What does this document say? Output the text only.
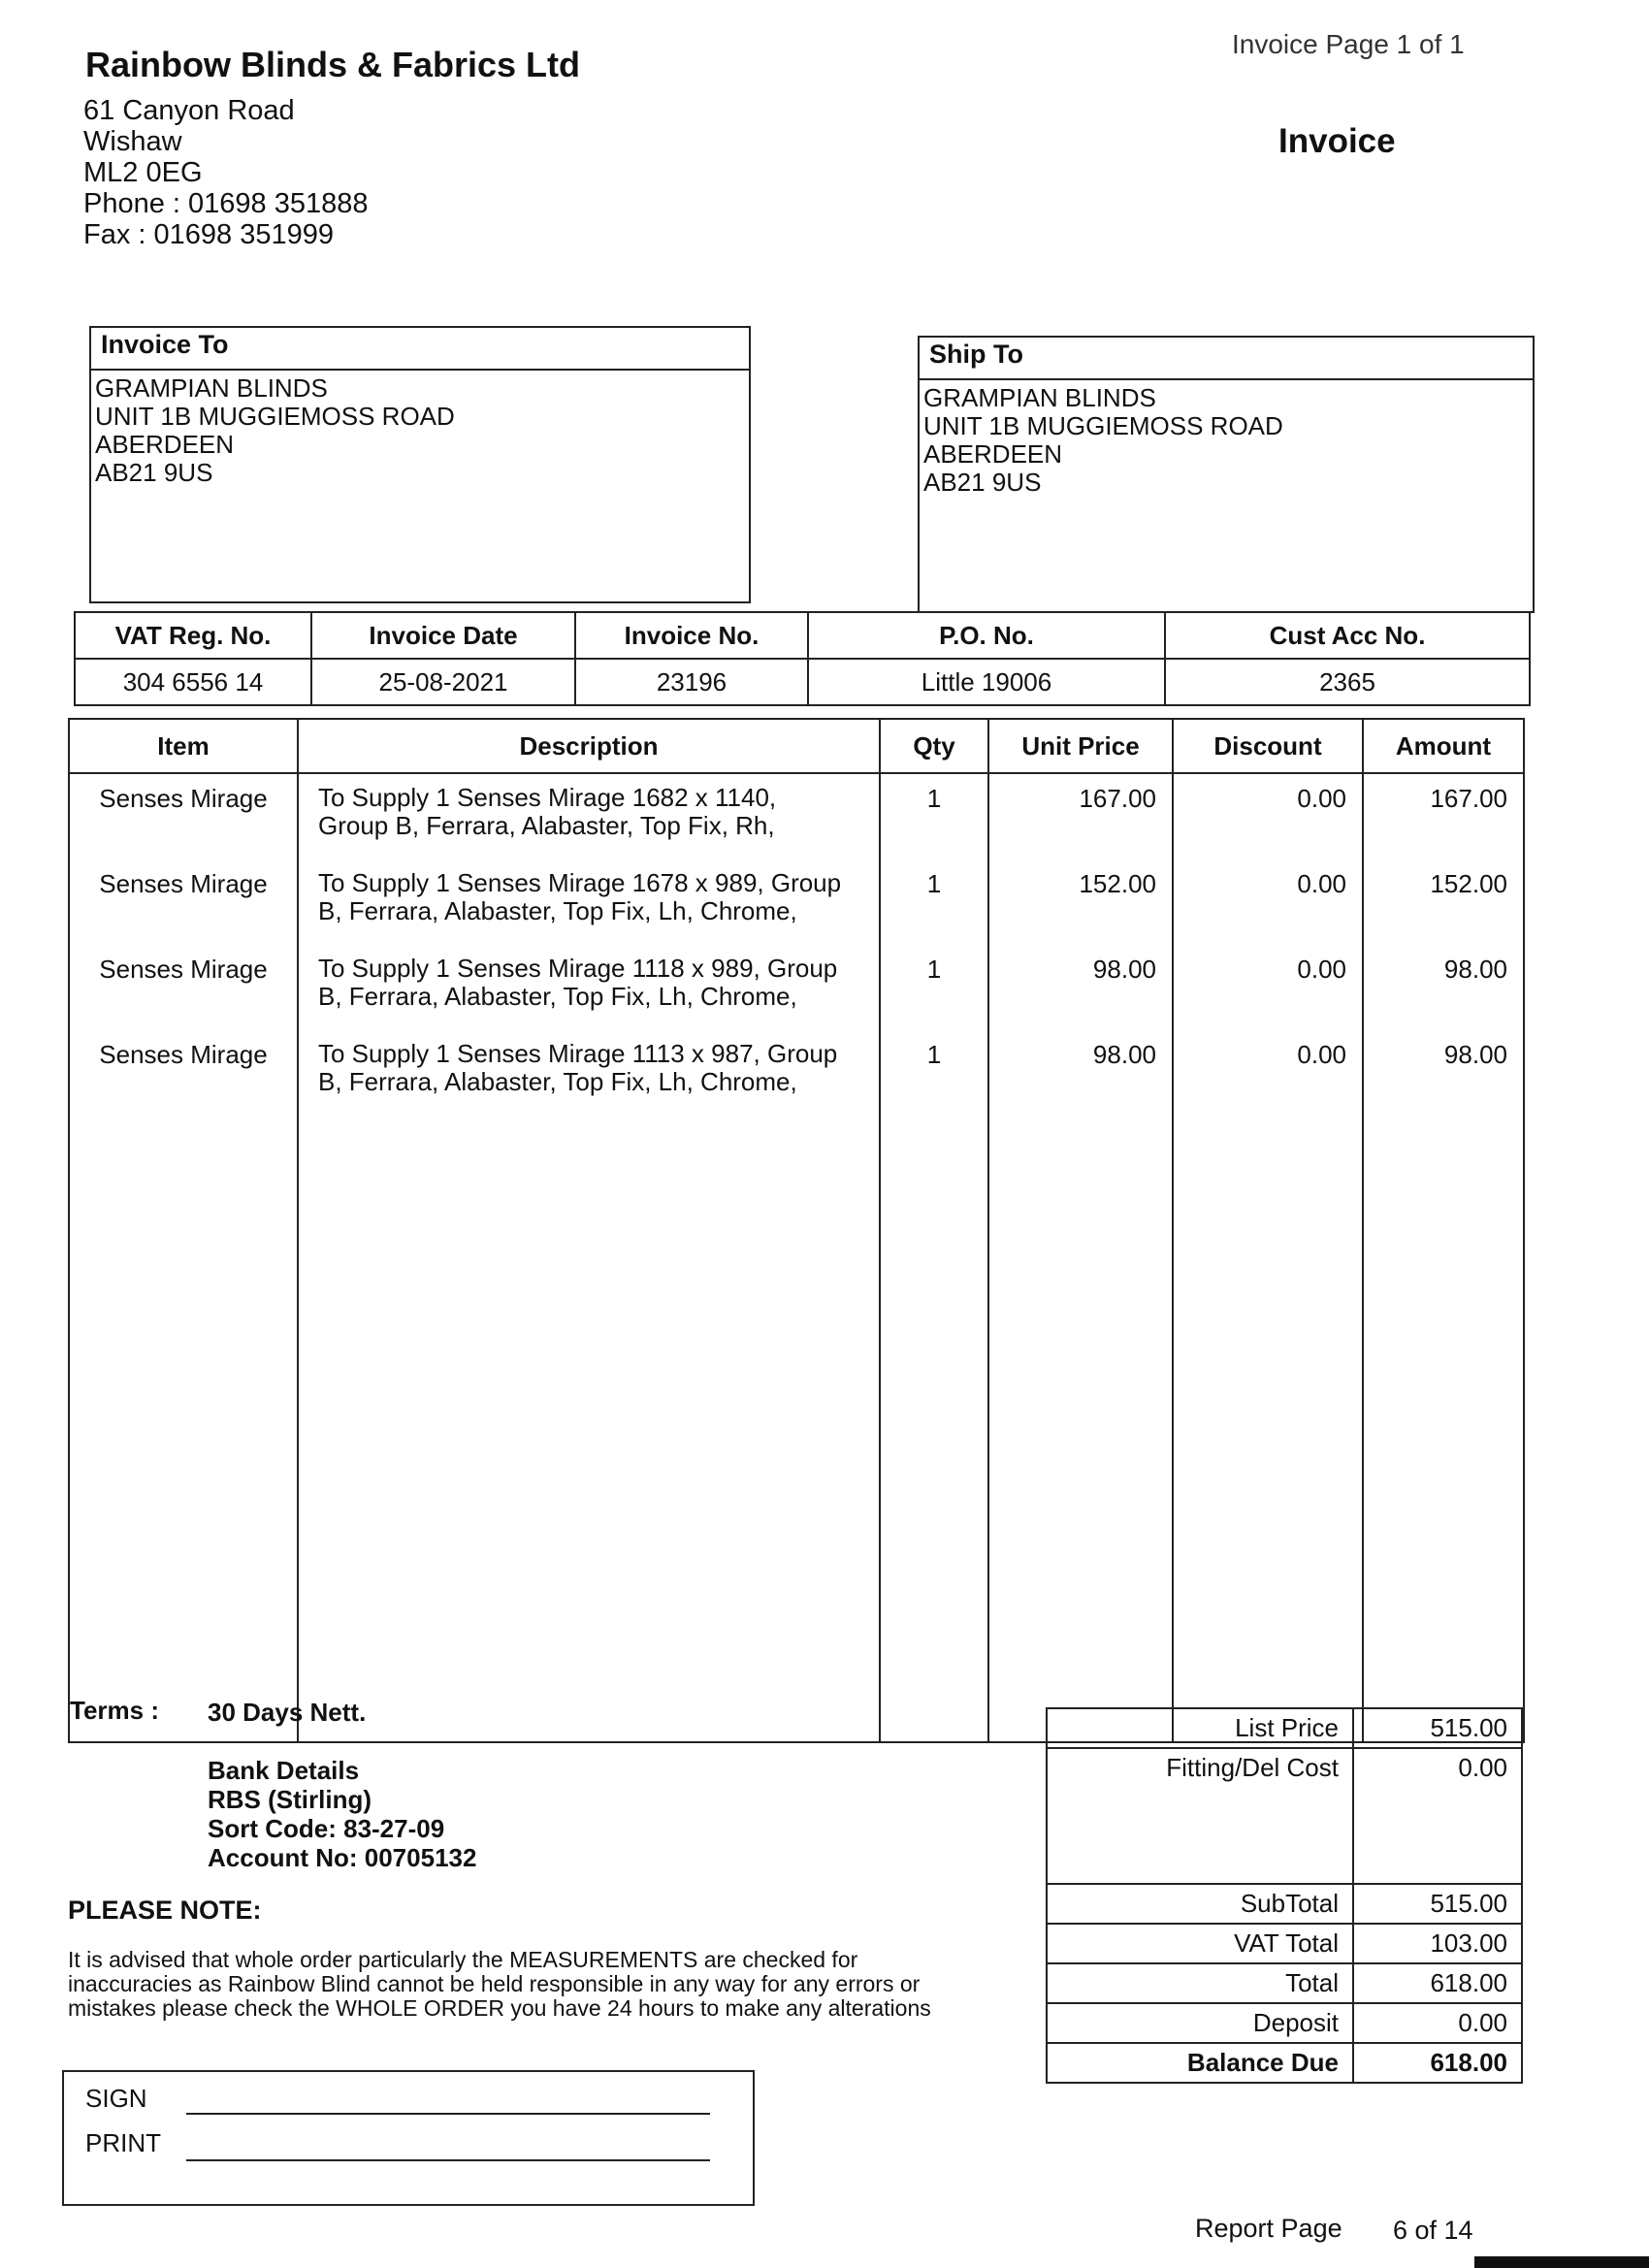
Invoice Page 1 of 1
Rainbow Blinds & Fabrics Ltd
61 Canyon Road
Wishaw
ML2 0EG
Phone : 01698 351888
Fax : 01698 351999
Invoice
Invoice To
GRAMPIAN BLINDS
UNIT 1B MUGGIEMOSS ROAD
ABERDEEN
AB21 9US
Ship To
GRAMPIAN BLINDS
UNIT 1B MUGGIEMOSS ROAD
ABERDEEN
AB21 9US
VAT Reg. No.	Invoice Date	Invoice No.	P.O. No.	Cust Acc No.
304 6556 14	25-08-2021	23196	Little 19006	2365
Item	Description	Qty	Unit Price	Discount	Amount
Senses Mirage	To Supply 1 Senses Mirage 1682 x 1140,
Group B, Ferrara, Alabaster, Top Fix, Rh,	1	167.00	0.00	167.00
Senses Mirage	To Supply 1 Senses Mirage 1678 x 989, Group
B, Ferrara, Alabaster, Top Fix, Lh, Chrome,	1	152.00	0.00	152.00
Senses Mirage	To Supply 1 Senses Mirage 1118 x 989, Group
B, Ferrara, Alabaster, Top Fix, Lh, Chrome,	1	98.00	0.00	98.00
Senses Mirage	To Supply 1 Senses Mirage 1113 x 987, Group
B, Ferrara, Alabaster, Top Fix, Lh, Chrome,	1	98.00	0.00	98.00

Terms : 30 Days Nett.
Bank Details
RBS (Stirling)
Sort Code: 83-27-09
Account No: 00705132
PLEASE NOTE:
It is advised that whole order particularly the MEASUREMENTS are checked for
inaccuracies as Rainbow Blind cannot be held responsible in any way for any errors or
mistakes please check the WHOLE ORDER you have 24 hours to make any alterations
SIGN
PRINT
List Price	515.00
Fitting/Del Cost	0.00
SubTotal	515.00
VAT Total	103.00
Total	618.00
Deposit	0.00
Balance Due	618.00
Report Page 6 of 14
